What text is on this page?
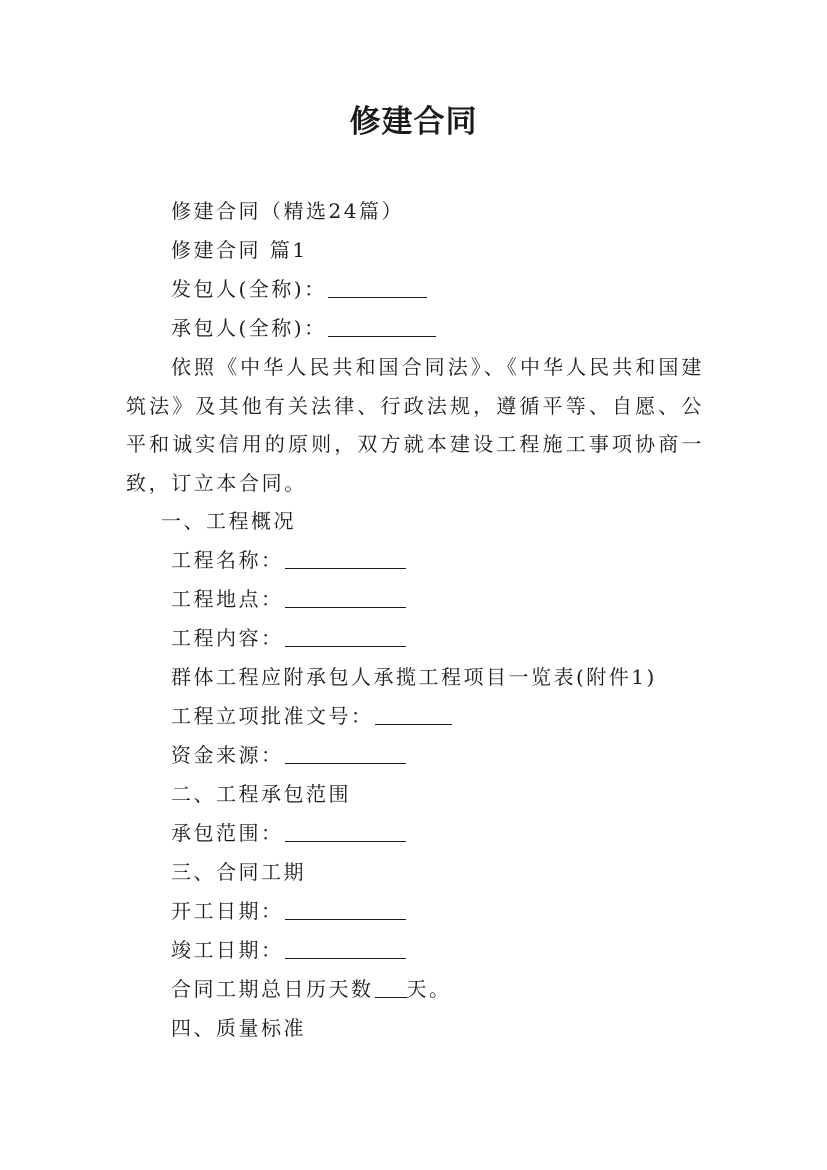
修建合同

修建合同（精选24篇）

修建合同 篇1

发包人(全称)：

承包人(全称)：

依照《中华人民共和国合同法》、《中华人民共和国建筑法》及其他有关法律、行政法规，遵循平等、自愿、公平和诚实信用的原则，双方就本建设工程施工事项协商一致，订立本合同。

一、工程概况

工程名称：

工程地点：

工程内容：

群体工程应附承包人承揽工程项目一览表(附件1)

工程立项批准文号：

资金来源：

二、工程承包范围

承包范围：

三、合同工期

开工日期：

竣工日期：

合同工期总日历天数 天。

四、质量标准
